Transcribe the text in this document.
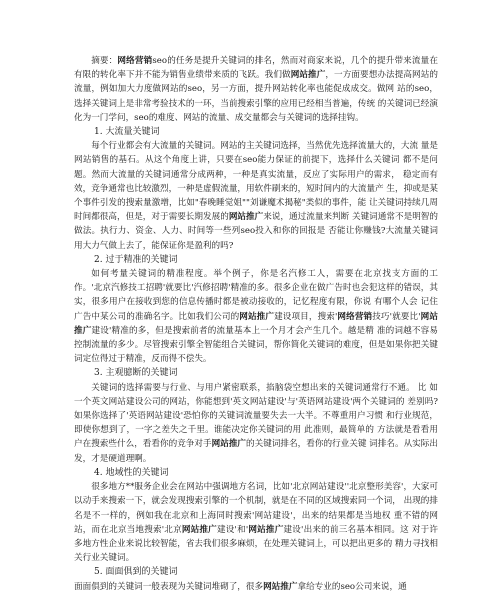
摘要：网络营销seo的任务是提升关键词的排名，然而对商家来说，几个的提升带来流量在有限的转化率下并不能为销售业绩带来质的飞跃。我们做网站推广，一方面要想办法提高网站的流量，例如加大力度做网站的seo，另一方面，提升网站转化率也能促成成交。做网 站的seo，选择关键词上是非常考验技术的一环，当前搜索引擎的应用已经相当普遍，传统 的关键词已经演化为一门学问，seo的难度、网站的流量、成交量都会与关键词的选择挂钩。

1. 大流量关键词

每个行业都会有大流量的关键词。网站的主关键词选择，当然优先选择流量大的，大流 量是网站销售的基石。从这个角度上讲，只要在seo能力保证的前提下，选择什么关键词 都不是问题。然而大流量的关键词通常分成两种，一种是真实流量，反应了实际用户的需求， 稳定而有效，竞争通常也比较激烈，一种是虚假流量，用软件刷来的，短时间内的大流量产 生，抑或是某个事件引发的搜索量激增，比如"春晚睡觉姐""刘谦魔术揭秘"类似的事件，能 让关键词持续几周时间都很高，但是，对于需要长期发展的网站推广来说，通过流量来判断 关键词通常不是明智的做法。执行力、资金、人力、时间等一些列seo投入和你的回报是 否能让你赚钱?大流量关键词用大力气做上去了，能保证你是盈利的吗?

2. 过于精准的关键词

如何考量关键词的精准程度。举个例子，你是名汽修工人，需要在北京找支方面的工 作。'北京汽修技工招聘'就要比'汽修招聘'精准的多。很多企业在做广告时也会犯这样的错误，其实，很多用户在接收到您的信息传播时都是被动接收的，记忆程度有限，你说 有哪个人会 记住广告中某公司的准确名字。比如我们公司的网站推广建设项目，搜索'网络营销技巧'就要比'网站推广建设'精准的多，但是搜索前者的流量基本上一个月才会产生几个。越是精 准的词越不容易控制流量的多少。尽管搜索引擎全智能组合关键词，帮你简化关键词的难度，但是如果你把关键词定位得过于精准，反而得不偿失。

3. 主观臆断的关键词

关键词的选择需要与行业、与用户紧密联系，掐脑袋空想出来的关键词通常行不通。 比 如一个英文网站建设公司的网站，你能想到'英文网站建设'与'英语网站建设'两个关键词的 差别吗?如果你选择了'英语网站建设'恐怕你的关键词流量要失去一大半。不尊重用户习惯 和行业规范，即使你想到了，一字之差失之千里。谁能决定你关键词的用 此准则，最简单的 方法就是看看用户在搜索些什么，看看你的竞争对手网站推广的关键词排名，看你的行业关键 词排名。从实际出发，才是硬道理啊。

4. 地域性的关键词

很多地方**服务企业会在网站中强调地方名词，比如'北京网站建设''北京整形美容'，大家可以动手来搜索一下，就会发现搜索引擎的一个机制，就是在不同的区域搜索同一个词， 出现的排名是不一样的，例如我在北京和上海同时搜索'网站建设'，出来的结果都是当地权 重不错的网站，而在北京当地搜索'北京网站推广建设'和'网站推广建设'出来的前三名基本相同。这 对于许多地方性企业来说比较智能，省去我们很多麻烦，在处理关键词上，可以把出更多的 精力寻找相关行业关键词。

5. 面面俱到的关键词

面面俱到的关键词一般表现为关键词堆砌了，很多网站推广拿给专业的seo公司来说，通
